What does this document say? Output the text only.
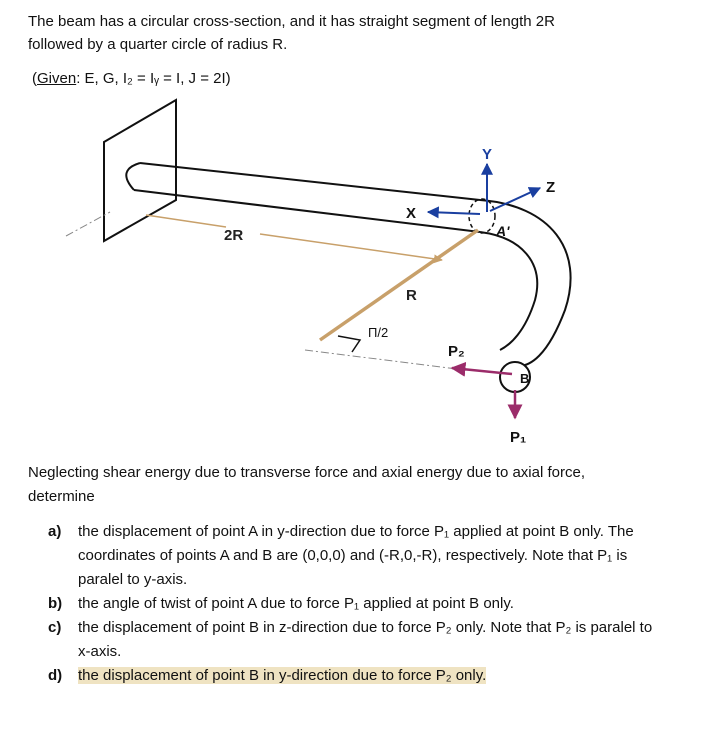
The beam has a circular cross-section, and it has straight segment of length 2R
followed by a quarter circle of radius R.
(Given: E, G, I₂ = Iᵧ = I, J = 2I)
2R
R
Π/2
Y
X
Z
A'
B
P₂
P₁
Neglecting shear energy due to transverse force and axial energy due to axial force,
determine
a)	the displacement of point A in y-direction due to force P₁ applied at point B only. The coordinates of points A and B are (0,0,0) and (-R,0,-R), respectively. Note that P₁ is paralel to y-axis.
b)	the angle of twist of point A due to force P₁ applied at point B only.
c)	the displacement of point B in z-direction due to force P₂ only. Note that P₂ is paralel to x-axis.
d)	the displacement of point B in y-direction due to force P₂ only.
